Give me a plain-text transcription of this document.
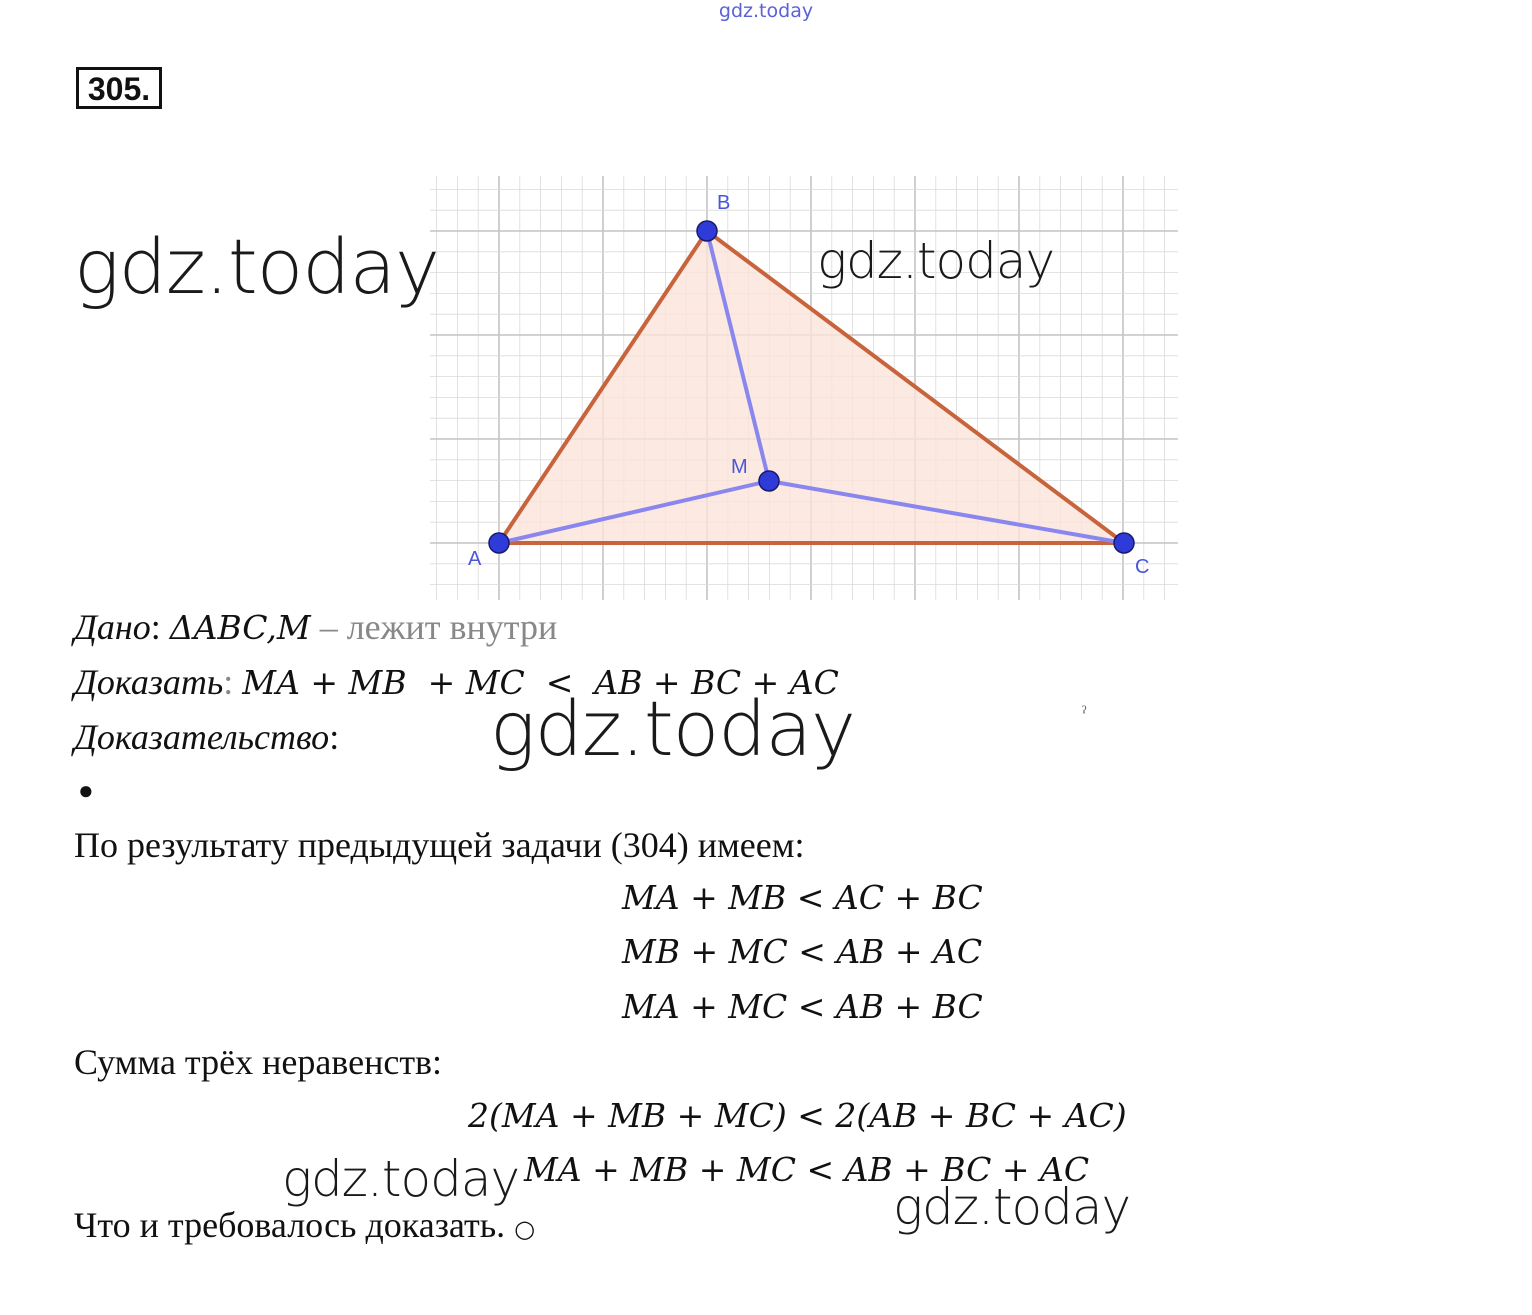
gdz.today
305.
A
B
C
M
gdz.today	gdz.today
gdz.today
gdz.today	gdz.today
Дано: ΔABC,M – лежит внутри
Доказать: MA + MB  + MC  <  AB + BC + AC
ˀ
Доказательство:
●
По результату предыдущей задачи (304) имеем:
MA + MB < AC + BC
MB + MC < AB + AC
MA + MC < AB + BC
Сумма трёх неравенств:
2(MA + MB + MC) < 2(AB + BC + AC)
MA + MB + MC < AB + BC + AC
Что и требовалось доказать. ○
